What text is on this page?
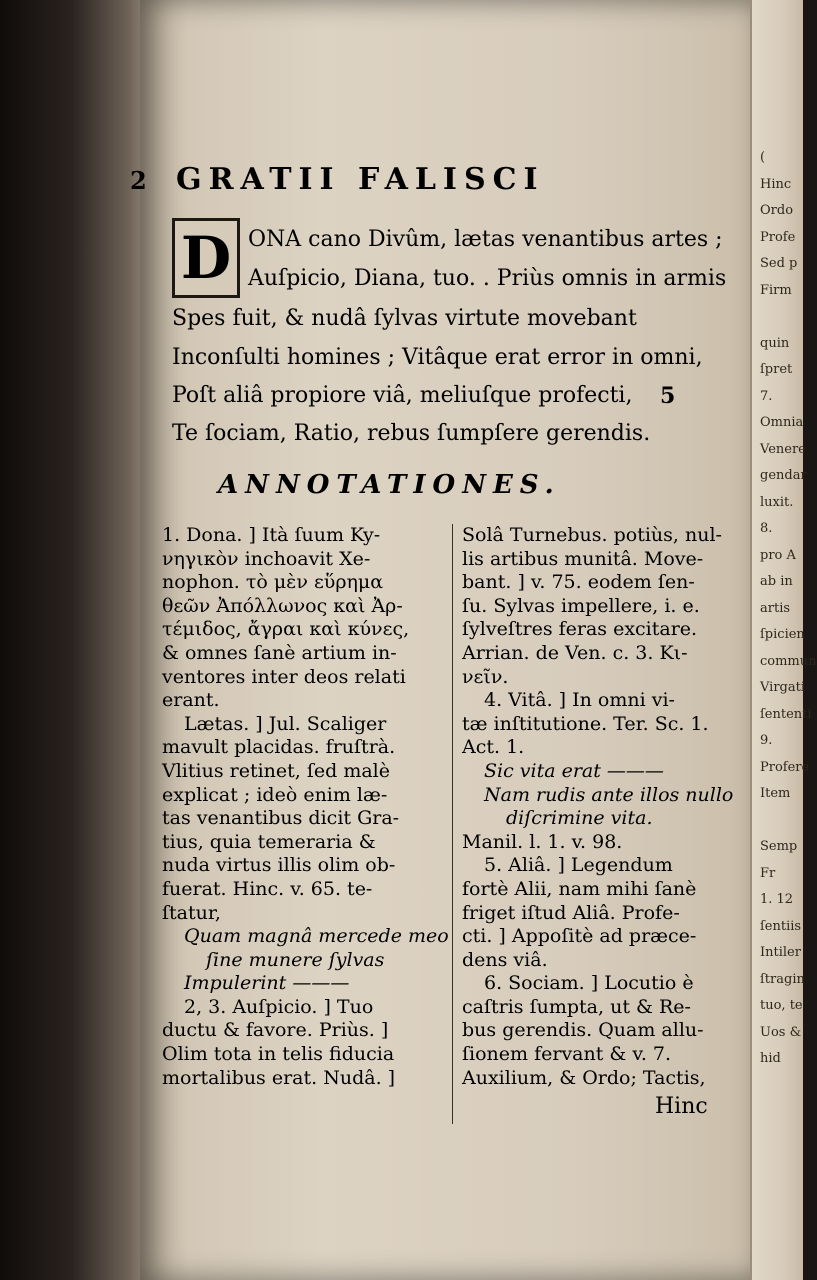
2 GRATII FALISCI
D ONA cano Divûm, lætas venantibus artes ;
Auſpicio, Diana, tuo. . Priùs omnis in armis
Spes fuit, & nudâ ſylvas virtute movebant
Inconſulti homines ; Vitâque erat error in omni,
Poſt aliâ propiore viâ, meliuſque profecti,
Te ſociam, Ratio, rebus ſumpſere gerendis.
5
ANNOTATIONES.
1. Dona. ] Ità ſuum Ky-
νηγικὸν inchoavit Xe-
nophon. τὸ μὲν εὕρημα
θεῶν Ἀπόλλωνος καὶ Ἀρ-
τέμιδος, ἄγραι καὶ κύνες,
& omnes ſanè artium in-
ventores inter deos relati
erant.
Lætas. ] Jul. Scaliger
mavult placidas. fruſtrà.
Vlitius retinet, ſed malè
explicat ; ideò enim læ-
tas venantibus dicit Gra-
tius, quia temeraria &
nuda virtus illis olim ob-
fuerat. Hinc. v. 65. te-
ſtatur,
Quam magnâ mercede meo
ſine munere ſylvas
Impulerint ———
2, 3. Auſpicio. ] Tuo
ductu & favore. Priùs. ]
Olim tota in telis fiducia
mortalibus erat. Nudâ. ]
Solâ Turnebus. potiùs, nul-
lis artibus munitâ. Move-
bant. ] v. 75. eodem ſen-
ſu. Sylvas impellere, i. e.
ſylveſtres feras excitare.
Arrian. de Ven. c. 3. Κι-
νεῖν.
4. Vitâ. ] In omni vi-
tæ inſtitutione. Ter. Sc. 1.
Act. 1.
Sic vita erat ———
Nam rudis ante illos nullo
diſcrimine vita.
Manil. l. 1. v. 98.
5. Aliâ. ] Legendum
fortè Alii, nam mihi ſanè
friget iſtud Aliâ. Profe-
cti. ] Appoſitè ad præce-
dens viâ.
6. Sociam. ] Locutio è
caſtris ſumpta, ut & Re-
bus gerendis. Quam allu-
ſionem fervant & v. 7.
Auxilium, & Ordo; Tactis,
Hinc
(
Hinc
Ordo
Profe
Sed p
Firm
quin
ſpret
7.
Omnia
Venere
gendar
luxit.
8.
pro A
ab in
artis
ſpicien
commun
Virgati
ſententi
9.
Profere
Item
Semp
Fr
1. 12
ſentiis
Intiler
ſtragin
tuo, te
Uos &
hid
